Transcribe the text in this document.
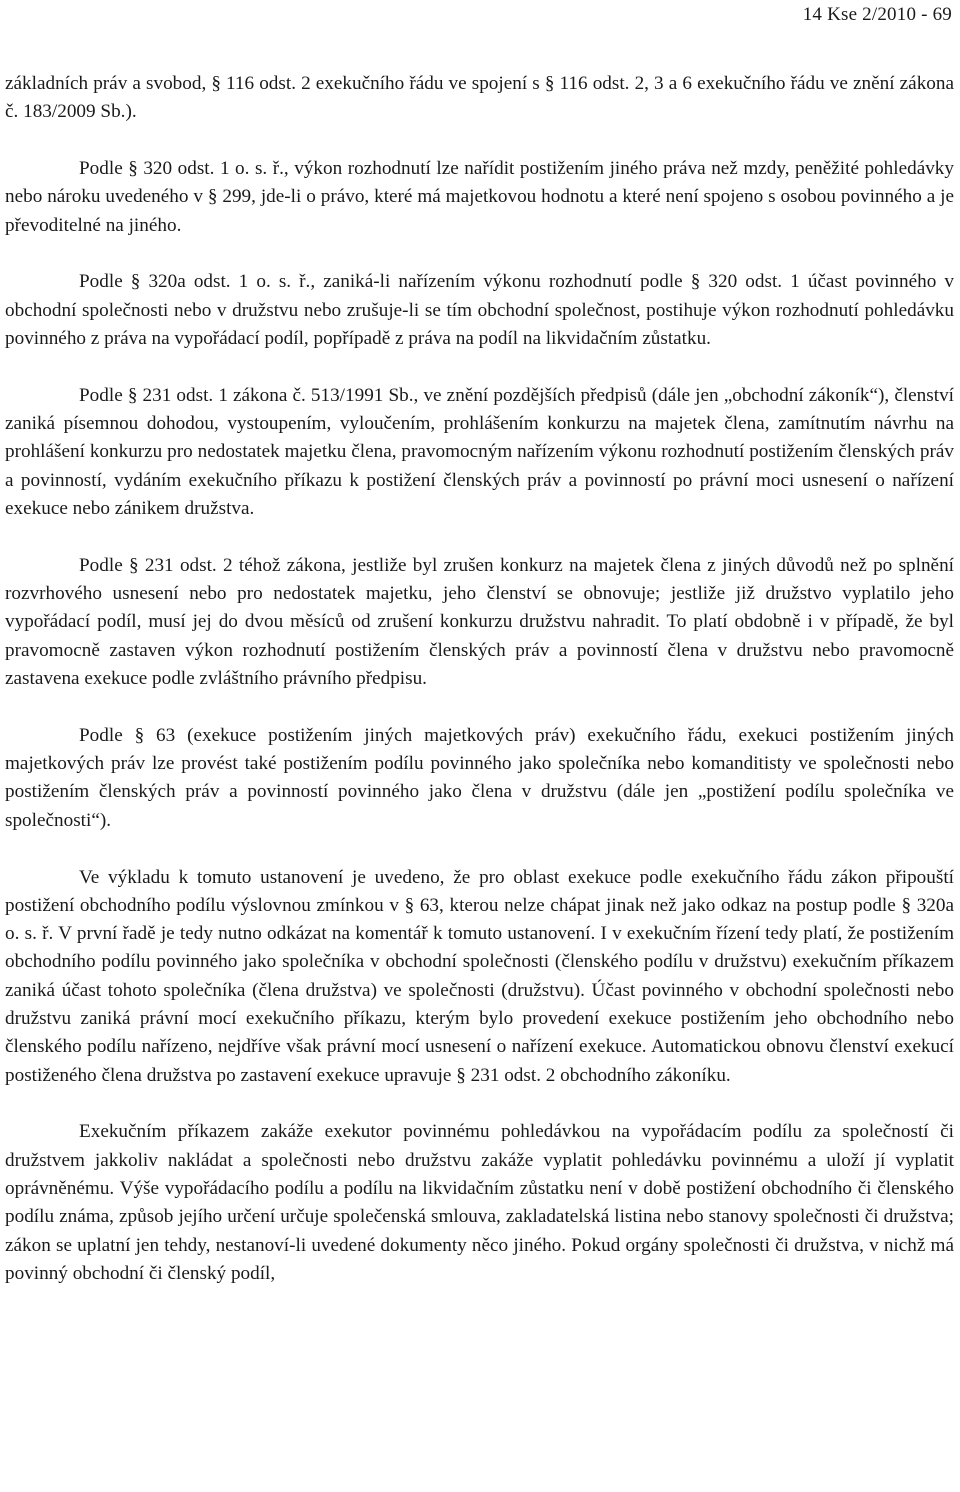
14 Kse 2/2010 - 69

základních práv a svobod, § 116 odst. 2 exekučního řádu ve spojení s § 116 odst. 2, 3 a 6 exekučního řádu ve znění zákona č. 183/2009 Sb.).

Podle § 320 odst. 1 o. s. ř., výkon rozhodnutí lze nařídit postižením jiného práva než mzdy, peněžité pohledávky nebo nároku uvedeného v § 299, jde-li o právo, které má majetkovou hodnotu a které není spojeno s osobou povinného a je převoditelné na jiného.

Podle § 320a odst. 1 o. s. ř., zaniká-li nařízením výkonu rozhodnutí podle § 320 odst. 1 účast povinného v obchodní společnosti nebo v družstvu nebo zrušuje-li se tím obchodní společnost, postihuje výkon rozhodnutí pohledávku povinného z práva na vypořádací podíl, popřípadě z práva na podíl na likvidačním zůstatku.

Podle § 231 odst. 1 zákona č. 513/1991 Sb., ve znění pozdějších předpisů (dále jen „obchodní zákoník“), členství zaniká písemnou dohodou, vystoupením, vyloučením, prohlášením konkurzu na majetek člena, zamítnutím návrhu na prohlášení konkurzu pro nedostatek majetku člena, pravomocným nařízením výkonu rozhodnutí postižením členských práv a povinností, vydáním exekučního příkazu k postižení členských práv a povinností po právní moci usnesení o nařízení exekuce nebo zánikem družstva.

Podle § 231 odst. 2 téhož zákona, jestliže byl zrušen konkurz na majetek člena z jiných důvodů než po splnění rozvrhového usnesení nebo pro nedostatek majetku, jeho členství se obnovuje; jestliže již družstvo vyplatilo jeho vypořádací podíl, musí jej do dvou měsíců od zrušení konkurzu družstvu nahradit. To platí obdobně i v případě, že byl pravomocně zastaven výkon rozhodnutí postižením členských práv a povinností člena v družstvu nebo pravomocně zastavena exekuce podle zvláštního právního předpisu.

Podle § 63 (exekuce postižením jiných majetkových práv) exekučního řádu, exekuci postižením jiných majetkových práv lze provést také postižením podílu povinného jako společníka nebo komanditisty ve společnosti nebo postižením členských práv a povinností povinného jako člena v družstvu (dále jen „postižení podílu společníka ve společnosti“).

Ve výkladu k tomuto ustanovení je uvedeno, že pro oblast exekuce podle exekučního řádu zákon připouští postižení obchodního podílu výslovnou zmínkou v § 63, kterou nelze chápat jinak než jako odkaz na postup podle § 320a o. s. ř. V první řadě je tedy nutno odkázat na komentář k tomuto ustanovení. I v exekučním řízení tedy platí, že postižením obchodního podílu povinného jako společníka v obchodní společnosti (členského podílu v družstvu) exekučním příkazem zaniká účast tohoto společníka (člena družstva) ve společnosti (družstvu). Účast povinného v obchodní společnosti nebo družstvu zaniká právní mocí exekučního příkazu, kterým bylo provedení exekuce postižením jeho obchodního nebo členského podílu nařízeno, nejdříve však právní mocí usnesení o nařízení exekuce. Automatickou obnovu členství exekucí postiženého člena družstva po zastavení exekuce upravuje § 231 odst. 2 obchodního zákoníku.

Exekučním příkazem zakáže exekutor povinnému pohledávkou na vypořádacím podílu za společností či družstvem jakkoliv nakládat a společnosti nebo družstvu zakáže vyplatit pohledávku povinnému a uloží jí vyplatit oprávněnému. Výše vypořádacího podílu a podílu na likvidačním zůstatku není v době postižení obchodního či členského podílu známa, způsob jejího určení určuje společenská smlouva, zakladatelská listina nebo stanovy společnosti či družstva; zákon se uplatní jen tehdy, nestanoví-li uvedené dokumenty něco jiného. Pokud orgány společnosti či družstva, v nichž má povinný obchodní či členský podíl,
